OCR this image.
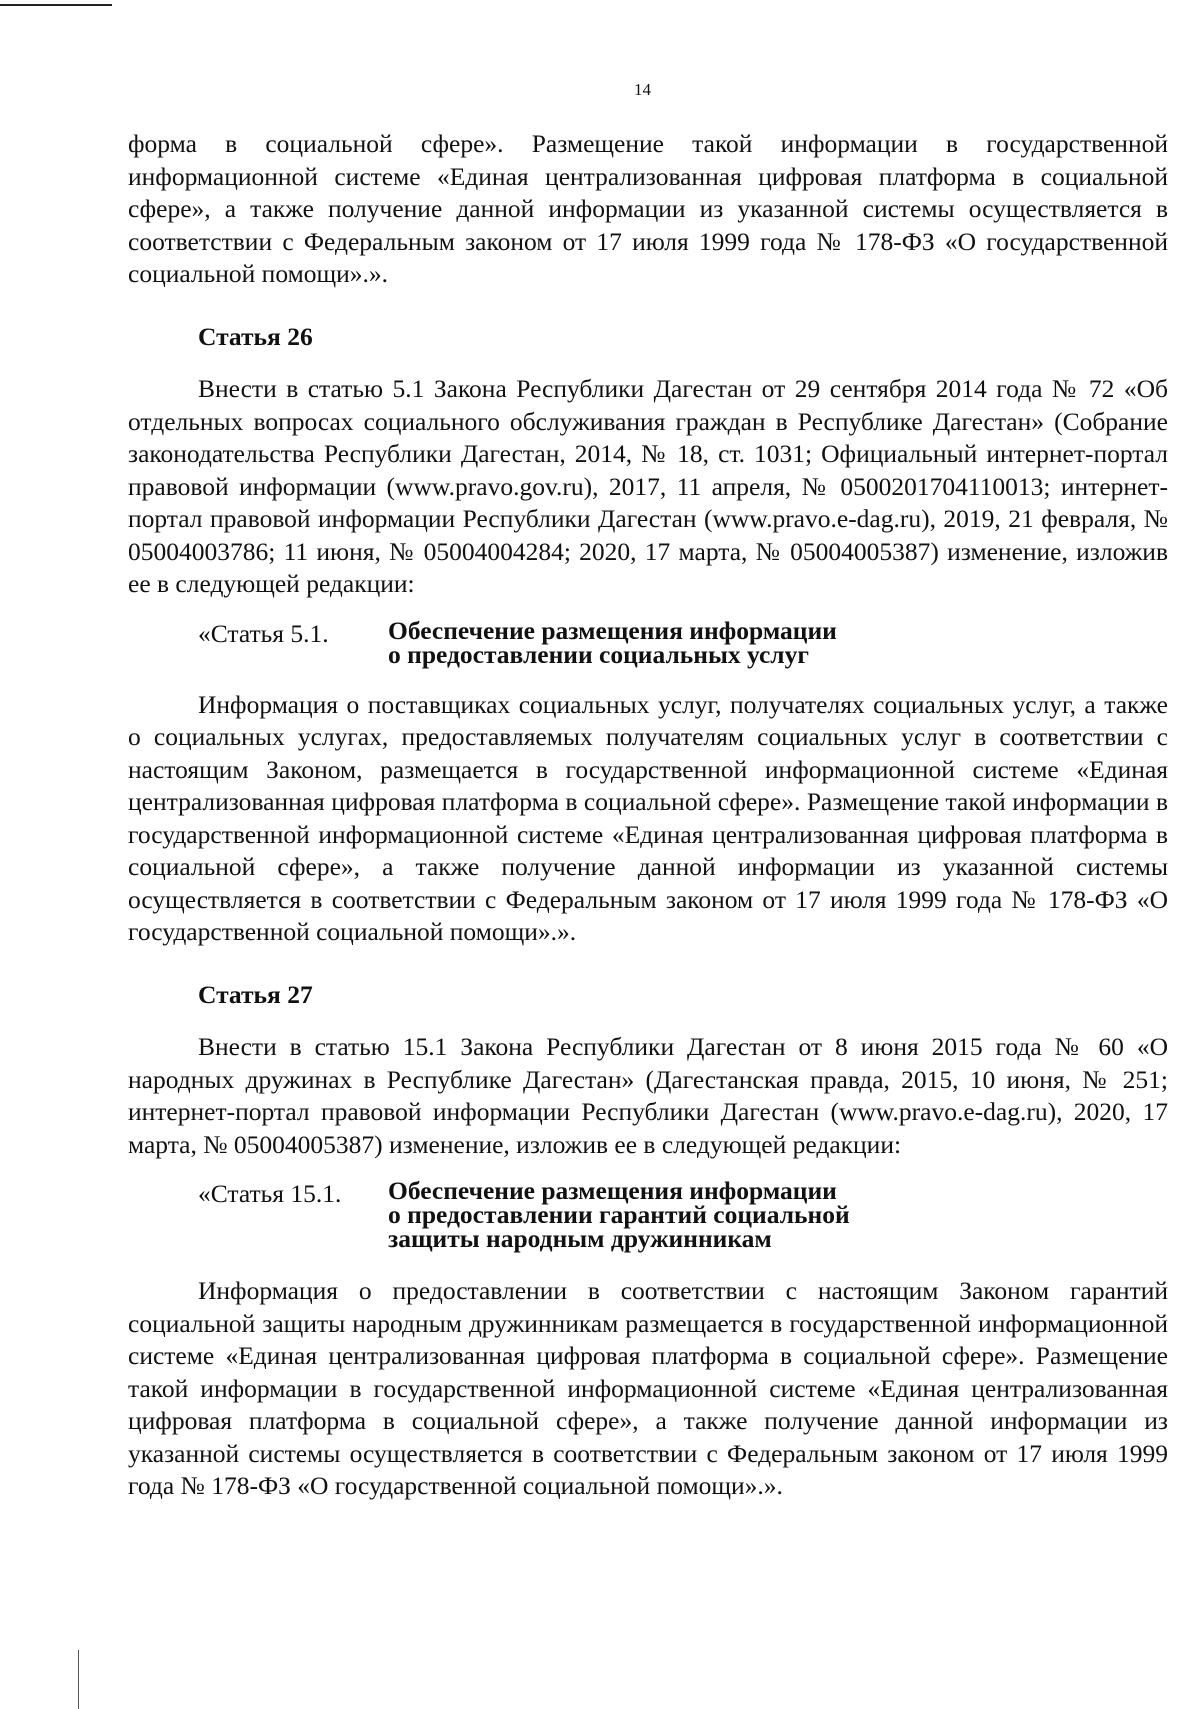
14

форма в социальной сфере». Размещение такой информации в государственной информационной системе «Единая централизованная цифровая платформа в социальной сфере», а также получение данной информации из указанной системы осуществляется в соответствии с Федеральным законом от 17 июля 1999 года № 178-ФЗ «О государственной социальной помощи».».

Статья 26

Внести в статью 5.1 Закона Республики Дагестан от 29 сентября 2014 года № 72 «Об отдельных вопросах социального обслуживания граждан в Республике Дагестан» (Собрание законодательства Республики Дагестан, 2014, № 18, ст. 1031; Официальный интернет-портал правовой информации (www.pravo.gov.ru), 2017, 11 апреля, № 0500201704110013; интернет-портал правовой информации Республики Дагестан (www.pravo.e-dag.ru), 2019, 21 февраля, № 05004003786; 11 июня, № 05004004284; 2020, 17 марта, № 05004005387) изменение, изложив ее в следующей редакции:

«Статья 5.1.	Обеспечение размещения информации
о предоставлении социальных услуг

Информация о поставщиках социальных услуг, получателях социальных услуг, а также о социальных услугах, предоставляемых получателям социальных услуг в соответствии с настоящим Законом, размещается в государственной информационной системе «Единая централизованная цифровая платформа в социальной сфере». Размещение такой информации в государственной информационной системе «Единая централизованная цифровая платформа в социальной сфере», а также получение данной информации из указанной системы осуществляется в соответствии с Федеральным законом от 17 июля 1999 года № 178-ФЗ «О государственной социальной помощи».».

Статья 27

Внести в статью 15.1 Закона Республики Дагестан от 8 июня 2015 года № 60 «О народных дружинах в Республике Дагестан» (Дагестанская правда, 2015, 10 июня, № 251; интернет-портал правовой информации Республики Дагестан (www.pravo.e-dag.ru), 2020, 17 марта, № 05004005387) изменение, изложив ее в следующей редакции:

«Статья 15.1.	Обеспечение размещения информации
о предоставлении гарантий социальной
защиты народным дружинникам

Информация о предоставлении в соответствии с настоящим Законом гарантий социальной защиты народным дружинникам размещается в государственной информационной системе «Единая централизованная цифровая платформа в социальной сфере». Размещение такой информации в государственной информационной системе «Единая централизованная цифровая платформа в социальной сфере», а также получение данной информации из указанной системы осуществляется в соответствии с Федеральным законом от 17 июля 1999 года № 178-ФЗ «О государственной социальной помощи».».
